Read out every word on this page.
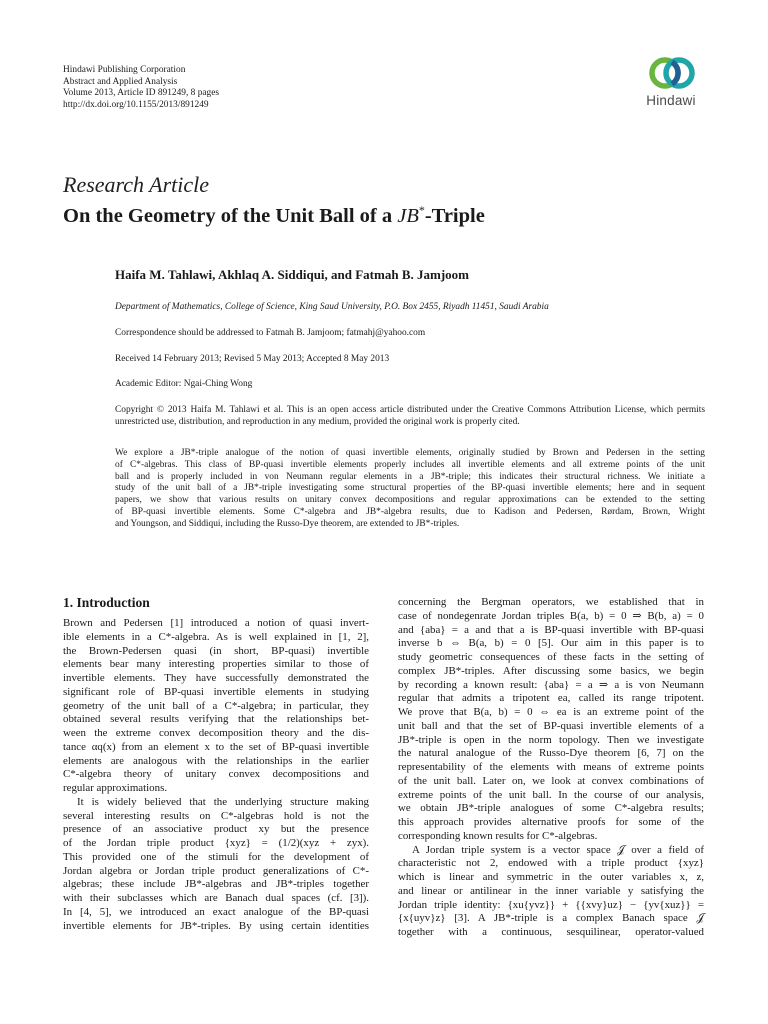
Hindawi Publishing Corporation
Abstract and Applied Analysis
Volume 2013, Article ID 891249, 8 pages
http://dx.doi.org/10.1155/2013/891249	Hindawi
Research Article
On the Geometry of the Unit Ball of a JB*-Triple
Haifa M. Tahlawi, Akhlaq A. Siddiqui, and Fatmah B. Jamjoom
Department of Mathematics, College of Science, King Saud University, P.O. Box 2455, Riyadh 11451, Saudi Arabia
Correspondence should be addressed to Fatmah B. Jamjoom; fatmahj@yahoo.com
Received 14 February 2013; Revised 5 May 2013; Accepted 8 May 2013
Academic Editor: Ngai-Ching Wong
Copyright © 2013 Haifa M. Tahlawi et al. This is an open access article distributed under the Creative Commons Attribution License, which permits unrestricted use, distribution, and reproduction in any medium, provided the original work is properly cited.
We explore a JB*-triple analogue of the notion of quasi invertible elements, originally studied by Brown and Pedersen in the setting
of C*-algebras. This class of BP-quasi invertible elements properly includes all invertible elements and all extreme points of the unit
ball and is properly included in von Neumann regular elements in a JB*-triple; this indicates their structural richness. We initiate a
study of the unit ball of a JB*-triple investigating some structural properties of the BP-quasi invertible elements; here and in sequent
papers, we show that various results on unitary convex decompositions and regular approximations can be extended to the setting
of BP-quasi invertible elements. Some C*-algebra and JB*-algebra results, due to Kadison and Pedersen, Rørdam, Brown, Wright
and Youngson, and Siddiqui, including the Russo-Dye theorem, are extended to JB*-triples.
1. Introduction
Brown and Pedersen [1] introduced a notion of quasi invert-
ible elements in a C*-algebra. As is well explained in [1, 2],
the Brown-Pedersen quasi (in short, BP-quasi) invertible
elements bear many interesting properties similar to those of
invertible elements. They have successfully demonstrated the
significant role of BP-quasi invertible elements in studying
geometry of the unit ball of a C*-algebra; in particular, they
obtained several results verifying that the relationships bet-
ween the extreme convex decomposition theory and the dis-
tance αq(x) from an element x to the set of BP-quasi invertible
elements are analogous with the relationships in the earlier
C*-algebra theory of unitary convex decompositions and
regular approximations.
It is widely believed that the underlying structure making
several interesting results on C*-algebras hold is not the
presence of an associative product xy but the presence
of the Jordan triple product {xyz} = (1/2)(xyz + zyx).
This provided one of the stimuli for the development of
Jordan algebra or Jordan triple product generalizations of C*-
algebras; these include JB*-algebras and JB*-triples together
with their subclasses which are Banach dual spaces (cf. [3]).
In [4, 5], we introduced an exact analogue of the BP-quasi
invertible elements for JB*-triples. By using certain identities
concerning the Bergman operators, we established that in
case of nondegenrate Jordan triples B(a, b) = 0 ⇒ B(b, a) = 0
and {aba} = a and that a is BP-quasi invertible with BP-quasi
inverse b ⇔ B(a, b) = 0 [5]. Our aim in this paper is to
study geometric consequences of these facts in the setting of
complex JB*-triples. After discussing some basics, we begin
by recording a known result: {aba} = a ⇒ a is von Neumann
regular that admits a tripotent ea, called its range tripotent.
We prove that B(a, b) = 0 ⇔ ea is an extreme point of the
unit ball and that the set of BP-quasi invertible elements of a
JB*-triple is open in the norm topology. Then we investigate
the natural analogue of the Russo-Dye theorem [6, 7] on the
representability of the elements with means of extreme points
of the unit ball. Later on, we look at convex combinations of
extreme points of the unit ball. In the course of our analysis,
we obtain JB*-triple analogues of some C*-algebra results;
this approach provides alternative proofs for some of the
corresponding known results for C*-algebras.
A Jordan triple system is a vector space 𝒥 over a field of
characteristic not 2, endowed with a triple product {xyz}
which is linear and symmetric in the outer variables x, z,
and linear or antilinear in the inner variable y satisfying the
Jordan triple identity: {xu{yvz}} + {{xvy}uz} − {yv{xuz}} =
{x{uyv}z} [3]. A JB*-triple is a complex Banach space 𝒥
together with a continuous, sesquilinear, operator-valued
